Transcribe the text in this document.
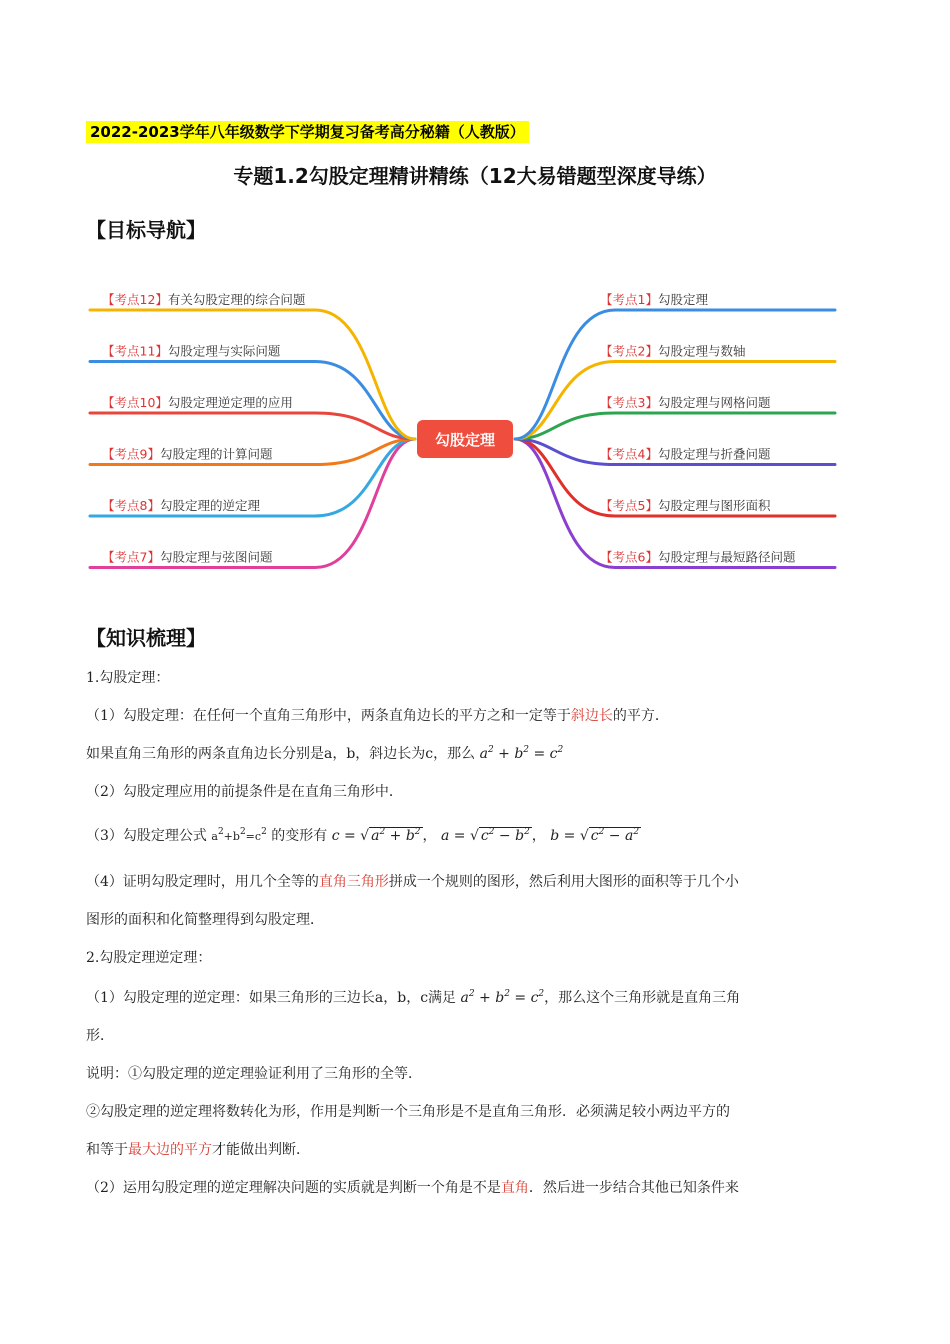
2022-2023学年八年级数学下学期复习备考高分秘籍（人教版）
专题1.2勾股定理精讲精练（12大易错题型深度导练）
【目标导航】
勾股定理
【考点12】有关勾股定理的综合问题
【考点11】勾股定理与实际问题
【考点10】勾股定理逆定理的应用
【考点9】勾股定理的计算问题
【考点8】勾股定理的逆定理
【考点7】勾股定理与弦图问题
【考点1】勾股定理
【考点2】勾股定理与数轴
【考点3】勾股定理与网格问题
【考点4】勾股定理与折叠问题
【考点5】勾股定理与图形面积
【考点6】勾股定理与最短路径问题
【知识梳理】
1.勾股定理：
（1）勾股定理：在任何一个直角三角形中，两条直角边长的平方之和一定等于斜边长的平方．
如果直角三角形的两条直角边长分别是a，b，斜边长为c，那么 $a^2 + b^2 = c^2$
（2）勾股定理应用的前提条件是在直角三角形中．
（3）勾股定理公式 $a^2+b^2=c^2$ 的变形有 c = √ $a^2 + b^2$ ， a = √ $c^2 - b^2$ ， b = √ $c^2 - a^2$
（4）证明勾股定理时，用几个全等的直角三角形拼成一个规则的图形，然后利用大图形的面积等于几个小
图形的面积和化简整理得到勾股定理．
2.勾股定理逆定理：
（1）勾股定理的逆定理：如果三角形的三边长a，b，c满足 $a^2 + b^2 = c^2$，那么这个三角形就是直角三角
形．
说明：①勾股定理的逆定理验证利用了三角形的全等．
②勾股定理的逆定理将数转化为形，作用是判断一个三角形是不是直角三角形．必须满足较小两边平方的
和等于最大边的平方才能做出判断．
（2）运用勾股定理的逆定理解决问题的实质就是判断一个角是不是直角．然后进一步结合其他已知条件来
